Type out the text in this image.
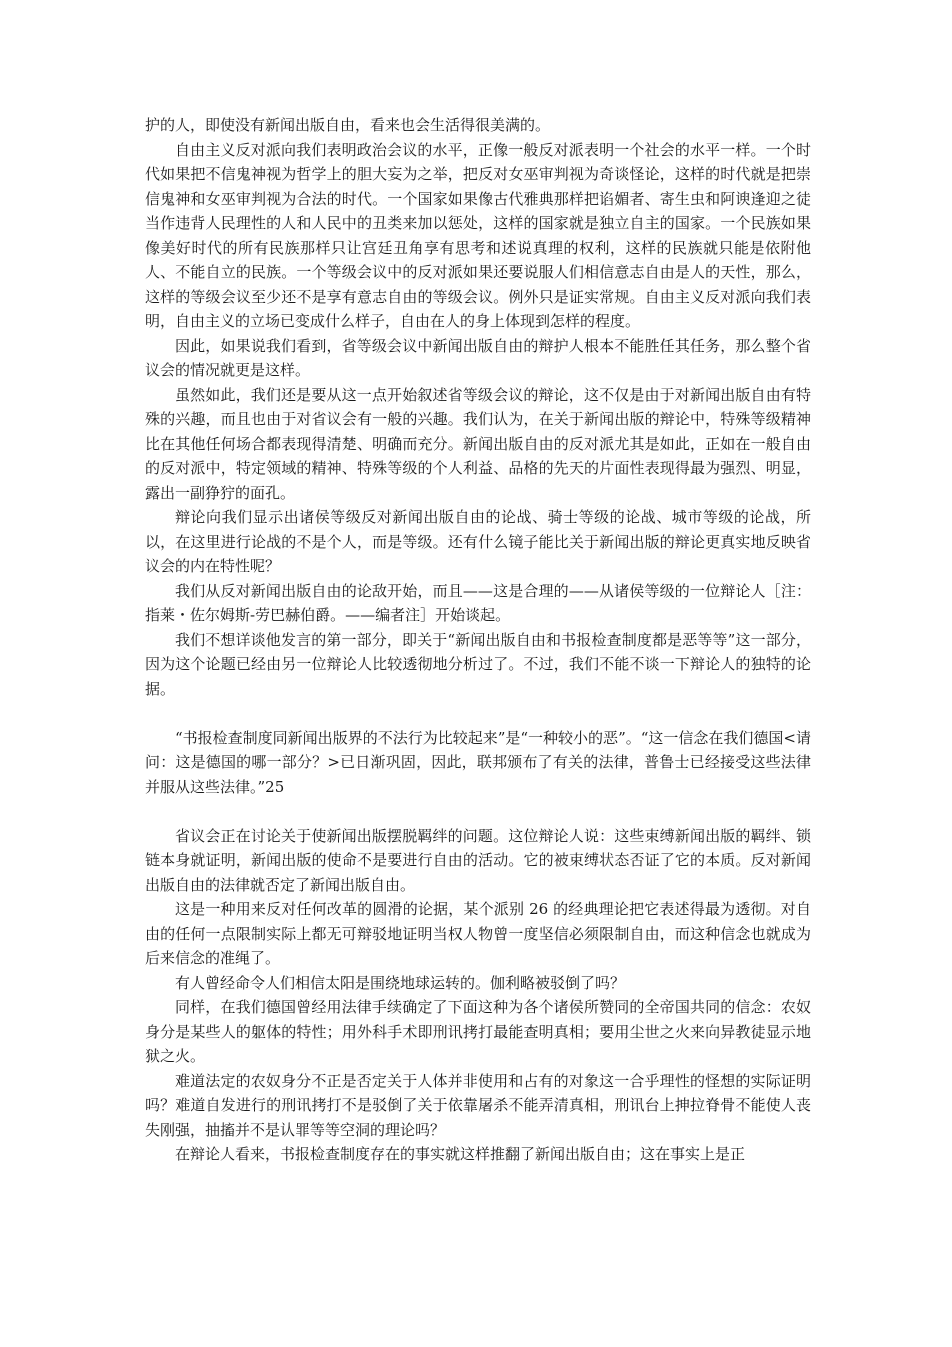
护的人，即使没有新闻出版自由，看来也会生活得很美满的。

自由主义反对派向我们表明政治会议的水平，正像一般反对派表明一个社会的水平一样。一个时代如果把不信鬼神视为哲学上的胆大妄为之举，把反对女巫审判视为奇谈怪论，这样的时代就是把崇信鬼神和女巫审判视为合法的时代。一个国家如果像古代雅典那样把谄媚者、寄生虫和阿谀逢迎之徒当作违背人民理性的人和人民中的丑类来加以惩处，这样的国家就是独立自主的国家。一个民族如果像美好时代的所有民族那样只让宫廷丑角享有思考和述说真理的权利，这样的民族就只能是依附他人、不能自立的民族。一个等级会议中的反对派如果还要说服人们相信意志自由是人的天性，那么，这样的等级会议至少还不是享有意志自由的等级会议。例外只是证实常规。自由主义反对派向我们表明，自由主义的立场已变成什么样子，自由在人的身上体现到怎样的程度。

因此，如果说我们看到，省等级会议中新闻出版自由的辩护人根本不能胜任其任务，那么整个省议会的情况就更是这样。

虽然如此，我们还是要从这一点开始叙述省等级会议的辩论，这不仅是由于对新闻出版自由有特殊的兴趣，而且也由于对省议会有一般的兴趣。我们认为，在关于新闻出版的辩论中，特殊等级精神比在其他任何场合都表现得清楚、明确而充分。新闻出版自由的反对派尤其是如此，正如在一般自由的反对派中，特定领域的精神、特殊等级的个人利益、品格的先天的片面性表现得最为强烈、明显，露出一副狰狞的面孔。

辩论向我们显示出诸侯等级反对新闻出版自由的论战、骑士等级的论战、城市等级的论战，所以，在这里进行论战的不是个人，而是等级。还有什么镜子能比关于新闻出版的辩论更真实地反映省议会的内在特性呢？

我们从反对新闻出版自由的论敌开始，而且——这是合理的——从诸侯等级的一位辩论人［注：指莱・佐尔姆斯-劳巴赫伯爵。——编者注］开始谈起。

我们不想详谈他发言的第一部分，即关于“新闻出版自由和书报检查制度都是恶等等”这一部分，因为这个论题已经由另一位辩论人比较透彻地分析过了。不过，我们不能不谈一下辩论人的独特的论据。

“书报检查制度同新闻出版界的不法行为比较起来”是“一种较小的恶”。“这一信念在我们德国<请问：这是德国的哪一部分？>已日渐巩固，因此，联邦颁布了有关的法律，普鲁士已经接受这些法律并服从这些法律。”25

省议会正在讨论关于使新闻出版摆脱羁绊的问题。这位辩论人说：这些束缚新闻出版的羁绊、锁链本身就证明，新闻出版的使命不是要进行自由的活动。它的被束缚状态否证了它的本质。反对新闻出版自由的法律就否定了新闻出版自由。

这是一种用来反对任何改革的圆滑的论据，某个派别 26 的经典理论把它表述得最为透彻。对自由的任何一点限制实际上都无可辩驳地证明当权人物曾一度坚信必须限制自由，而这种信念也就成为后来信念的准绳了。

有人曾经命令人们相信太阳是围绕地球运转的。伽利略被驳倒了吗？

同样，在我们德国曾经用法律手续确定了下面这种为各个诸侯所赞同的全帝国共同的信念：农奴身分是某些人的躯体的特性；用外科手术即刑讯拷打最能查明真相；要用尘世之火来向异教徒显示地狱之火。

难道法定的农奴身分不正是否定关于人体并非使用和占有的对象这一合乎理性的怪想的实际证明吗？难道自发进行的刑讯拷打不是驳倒了关于依靠屠杀不能弄清真相，刑讯台上抻拉脊骨不能使人丧失刚强，抽搐并不是认罪等等空洞的理论吗？

在辩论人看来，书报检查制度存在的事实就这样推翻了新闻出版自由；这在事实上是正
